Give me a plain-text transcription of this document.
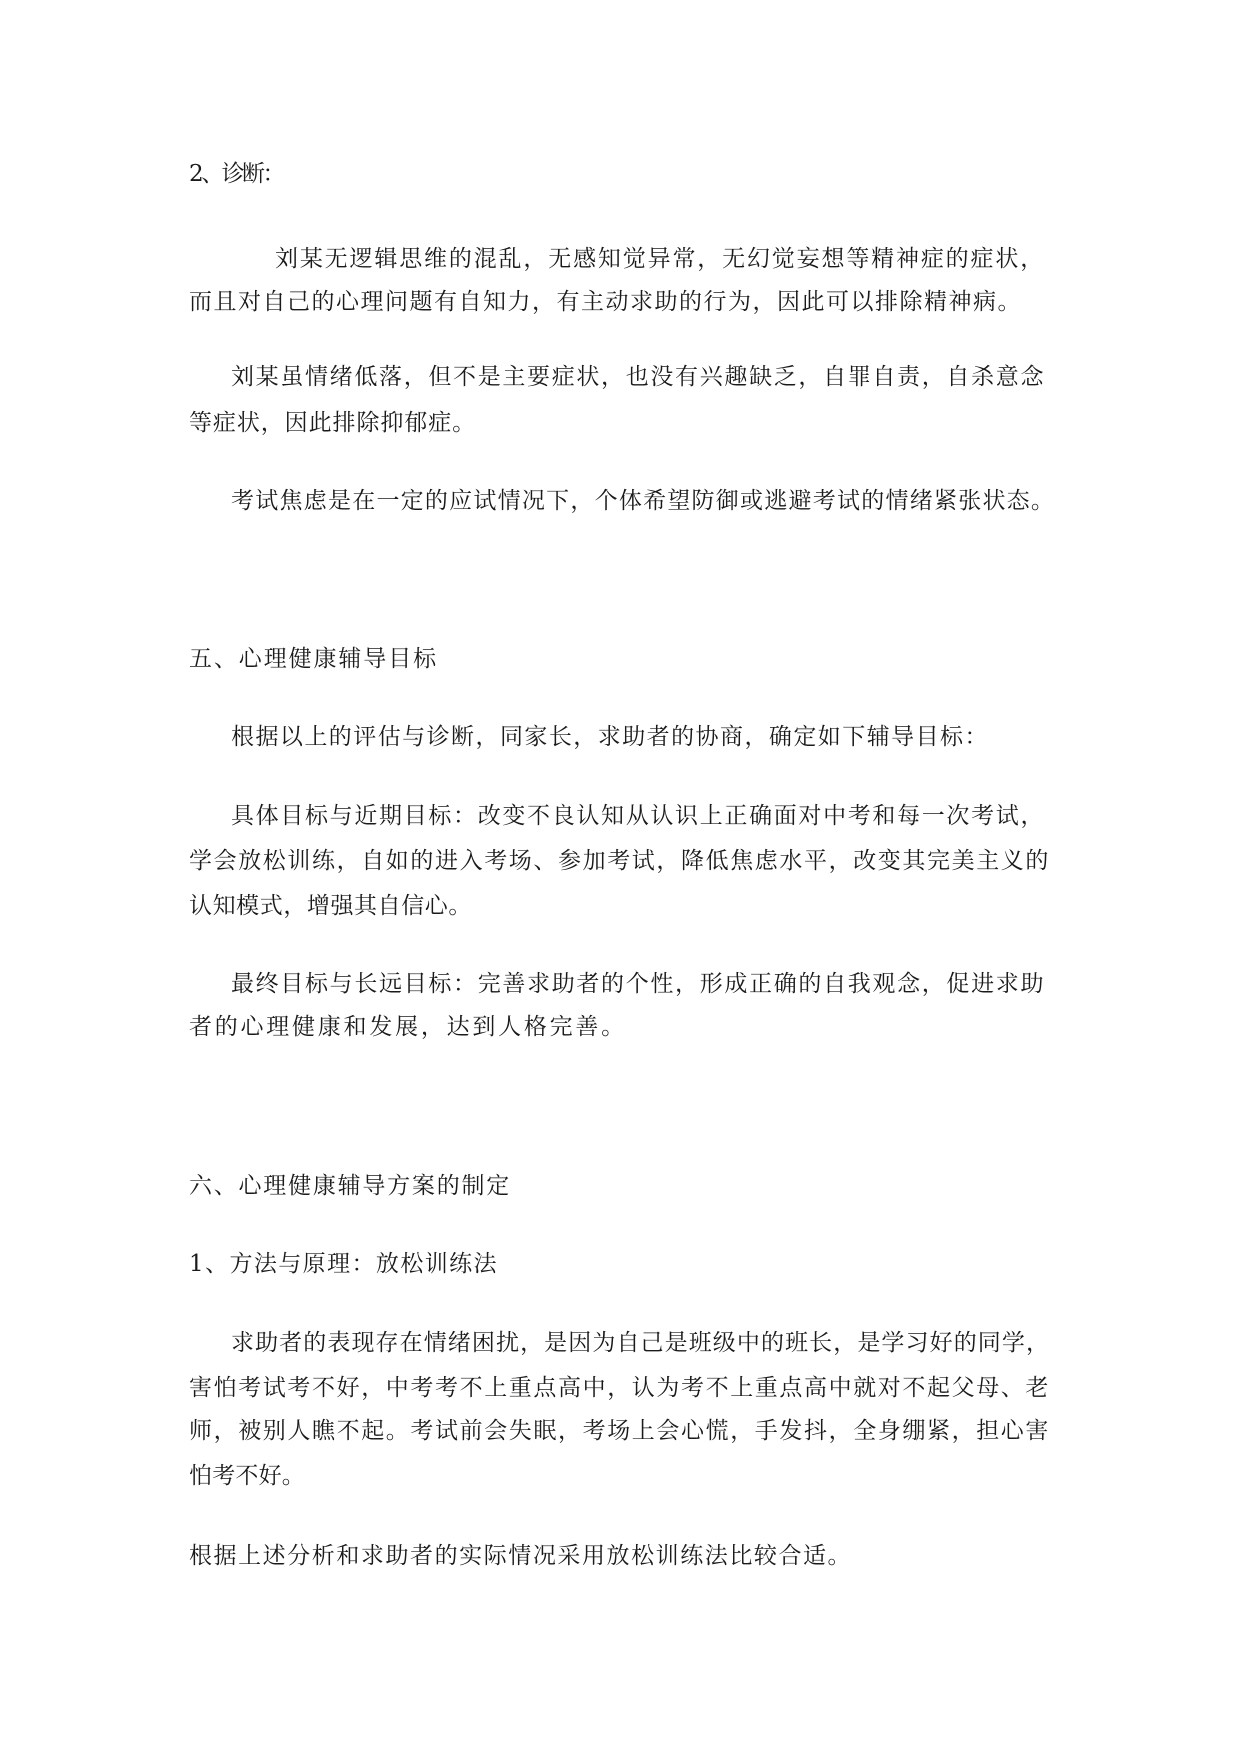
2、诊断：

刘某无逻辑思维的混乱，无感知觉异常，无幻觉妄想等精神症的症状，

而且对自己的心理问题有自知力，有主动求助的行为，因此可以排除精神病。

刘某虽情绪低落，但不是主要症状，也没有兴趣缺乏，自罪自责，自杀意念

等症状，因此排除抑郁症。

考试焦虑是在一定的应试情况下，个体希望防御或逃避考试的情绪紧张状态。

五、心理健康辅导目标

根据以上的评估与诊断，同家长，求助者的协商，确定如下辅导目标：

具体目标与近期目标：改变不良认知从认识上正确面对中考和每一次考试，

学会放松训练，自如的进入考场、参加考试，降低焦虑水平，改变其完美主义的

认知模式，增强其自信心。

最终目标与长远目标：完善求助者的个性，形成正确的自我观念，促进求助

者的心理健康和发展，达到人格完善。

六、心理健康辅导方案的制定

1、方法与原理：放松训练法

求助者的表现存在情绪困扰，是因为自己是班级中的班长，是学习好的同学，

害怕考试考不好，中考考不上重点高中，认为考不上重点高中就对不起父母、老

师，被别人瞧不起。考试前会失眠，考场上会心慌，手发抖，全身绷紧，担心害

怕考不好。

根据上述分析和求助者的实际情况采用放松训练法比较合适。
